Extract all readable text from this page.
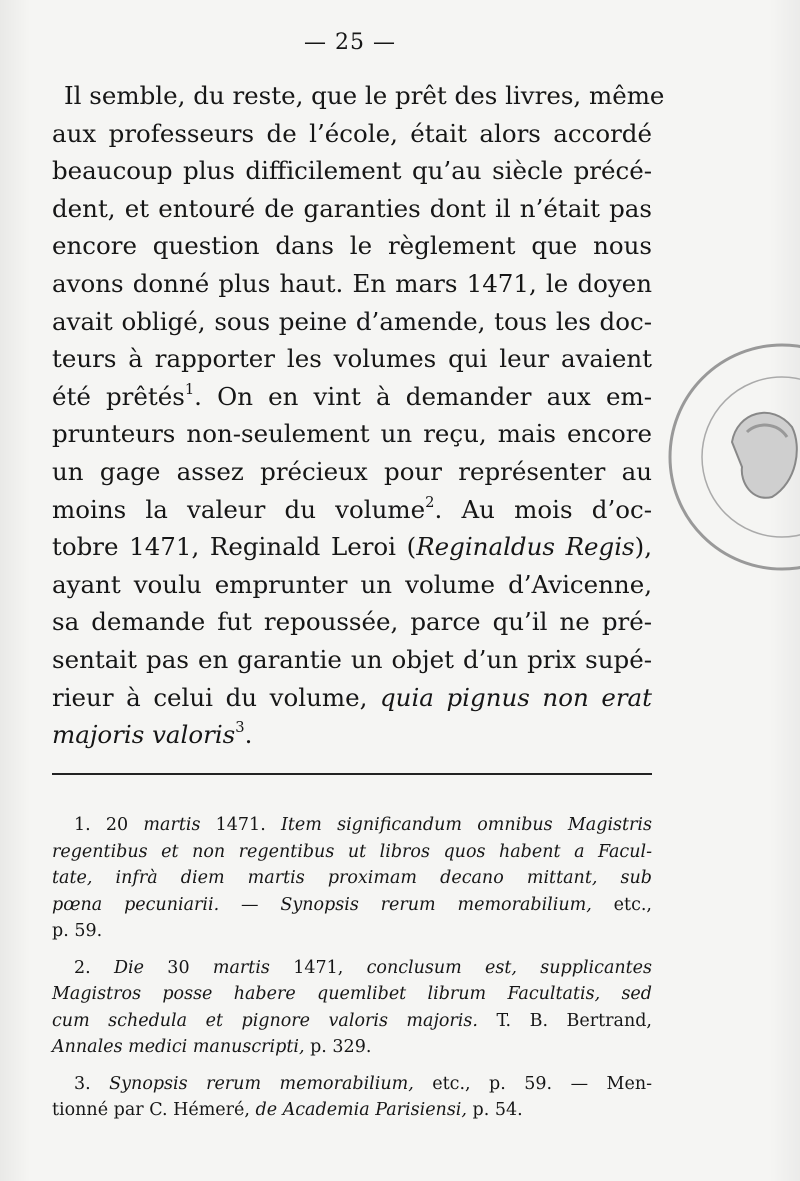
— 25 —
Il semble, du reste, que le prêt des livres, même
aux professeurs de l’école, était alors accordé
beaucoup plus difficilement qu’au siècle précé-
dent, et entouré de garanties dont il n’était pas
encore question dans le règlement que nous
avons donné plus haut. En mars 1471, le doyen
avait obligé, sous peine d’amende, tous les doc-
teurs à rapporter les volumes qui leur avaient
été prêtés$^1$. On en vint à demander aux em-
prunteurs non-seulement un reçu, mais encore
un gage assez précieux pour représenter au
moins la valeur du volume$^2$. Au mois d’oc-
tobre 1471, Reginald Leroi (Reginaldus Regis),
ayant voulu emprunter un volume d’Avicenne,
sa demande fut repoussée, parce qu’il ne pré-
sentait pas en garantie un objet d’un prix supé-
rieur à celui du volume, quia pignus non erat
majoris valoris$^3$.
1. 20 martis 1471. Item significandum omnibus Magistris
regentibus et non regentibus ut libros quos habent a Facul-
tate, infrà diem martis proximam decano mittant, sub
pœna pecuniarii. — Synopsis rerum memorabilium, etc.,
p. 59.
2. Die 30 martis 1471, conclusum est, supplicantes
Magistros posse habere quemlibet librum Facultatis, sed
cum schedula et pignore valoris majoris. T. B. Bertrand,
Annales medici manuscripti, p. 329.
3. Synopsis rerum memorabilium, etc., p. 59. — Men-
tionné par C. Hémeré, de Academia Parisiensi, p. 54.
